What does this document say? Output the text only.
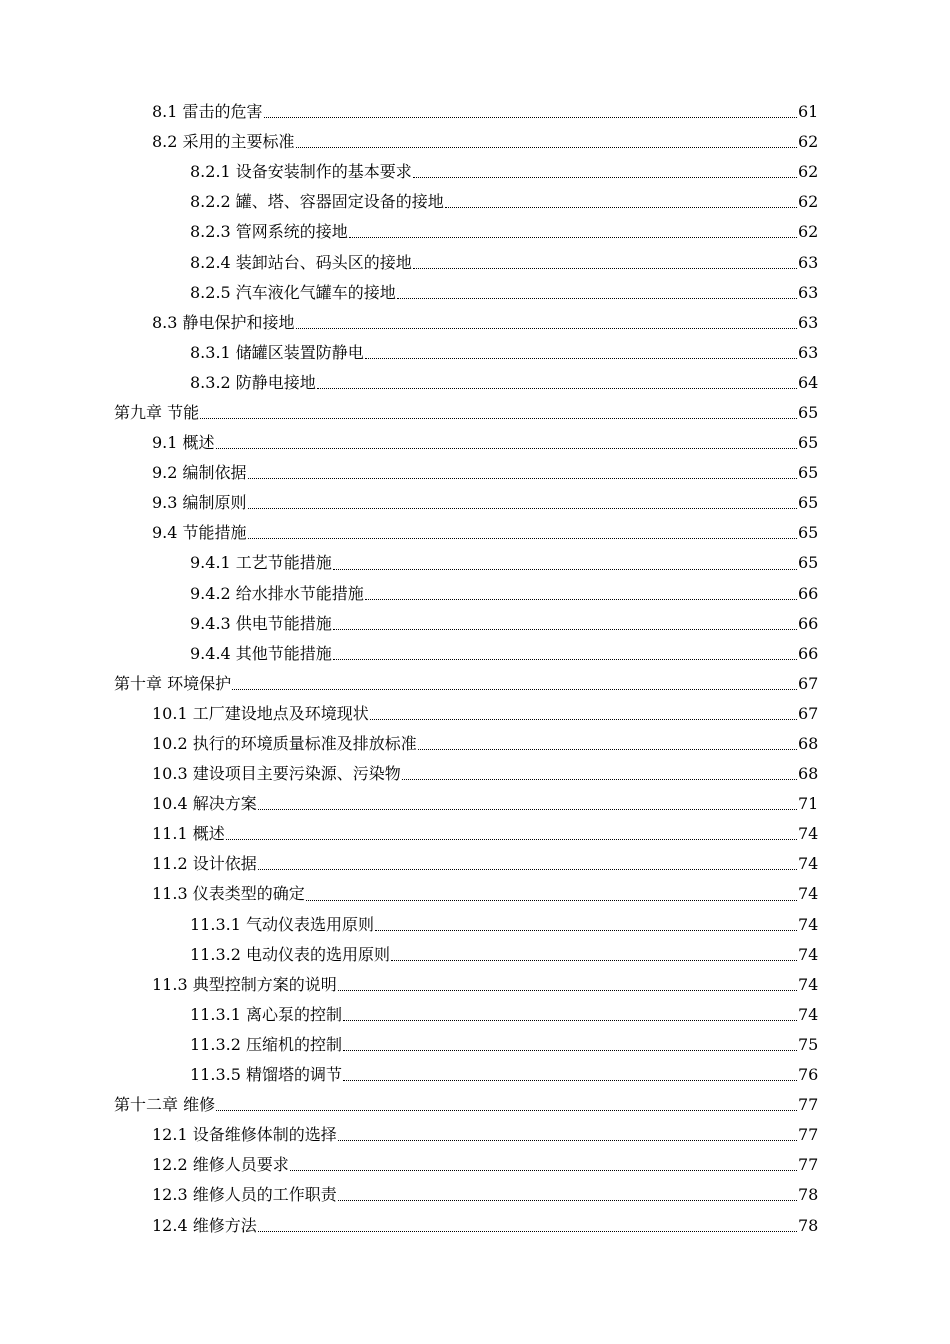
8.1 雷击的危害	61
8.2 采用的主要标准	62
8.2.1 设备安装制作的基本要求	62
8.2.2 罐、塔、容器固定设备的接地	62
8.2.3 管网系统的接地	62
8.2.4 装卸站台、码头区的接地	63
8.2.5 汽车液化气罐车的接地	63
8.3 静电保护和接地	63
8.3.1 储罐区装置防静电	63
8.3.2 防静电接地	64
第九章 节能	65
9.1 概述	65
9.2 编制依据	65
9.3 编制原则	65
9.4 节能措施	65
9.4.1 工艺节能措施	65
9.4.2 给水排水节能措施	66
9.4.3 供电节能措施	66
9.4.4 其他节能措施	66
第十章 环境保护	67
10.1 工厂建设地点及环境现状	67
10.2 执行的环境质量标准及排放标准	68
10.3 建设项目主要污染源、污染物	68
10.4 解决方案	71
11.1 概述	74
11.2 设计依据	74
11.3 仪表类型的确定	74
11.3.1 气动仪表选用原则	74
11.3.2 电动仪表的选用原则	74
11.3 典型控制方案的说明	74
11.3.1 离心泵的控制	74
11.3.2 压缩机的控制	75
11.3.5 精馏塔的调节	76
第十二章 维修	77
12.1 设备维修体制的选择	77
12.2 维修人员要求	77
12.3 维修人员的工作职责	78
12.4 维修方法	78
